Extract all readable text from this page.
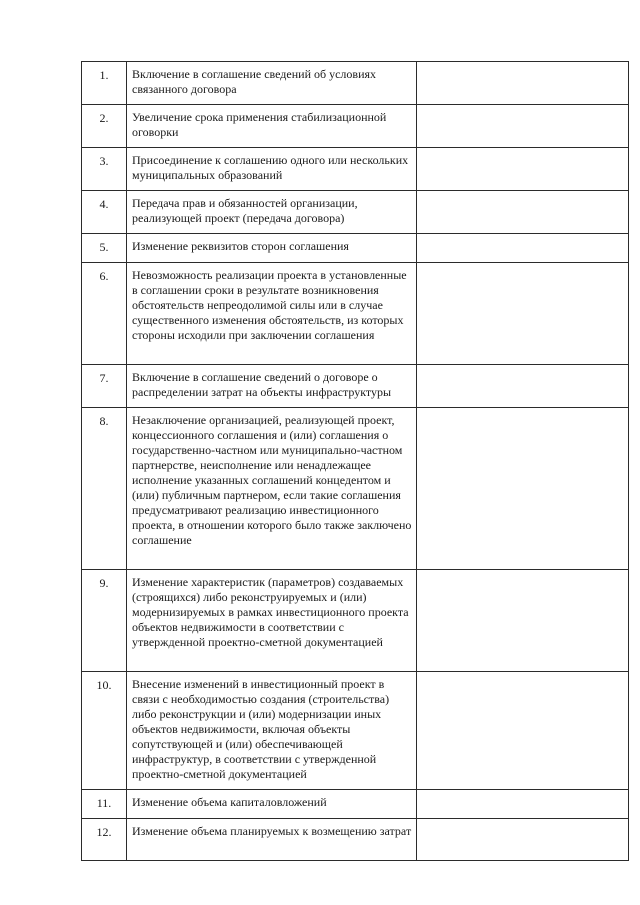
1.	Включение в соглашение сведений об условиях связанного договора	
2.	Увеличение срока применения стабилизационной оговорки	
3.	Присоединение к соглашению одного или нескольких муниципальных образований	
4.	Передача прав и обязанностей организации, реализующей проект (передача договора)	
5.	Изменение реквизитов сторон соглашения	
6.	Невозможность реализации проекта в установленные в соглашении сроки в результате возникновения обстоятельств непреодолимой силы или в случае существенного изменения обстоятельств, из которых стороны исходили при заключении соглашения	
7.	Включение в соглашение сведений о договоре о распределении затрат на объекты инфраструктуры	
8.	Незаключение организацией, реализующей проект, концессионного соглашения и (или) соглашения о государственно-частном или муниципально-частном партнерстве, неисполнение или ненадлежащее исполнение указанных соглашений концедентом и (или) публичным партнером, если такие соглашения предусматривают реализацию инвестиционного проекта, в отношении которого было также заключено соглашение	
9.	Изменение характеристик (параметров) создаваемых (строящихся) либо реконструируемых и (или) модернизируемых в рамках инвестиционного проекта объектов недвижимости в соответствии с утвержденной проектно-сметной документацией	
10.	Внесение изменений в инвестиционный проект в связи с необходимостью создания (строительства) либо реконструкции и (или) модернизации иных объектов недвижимости, включая объекты сопутствующей и (или) обеспечивающей инфраструктур, в соответствии с утвержденной проектно-сметной документацией	
11.	Изменение объема капиталовложений	
12.	Изменение объема планируемых к возмещению затрат	
